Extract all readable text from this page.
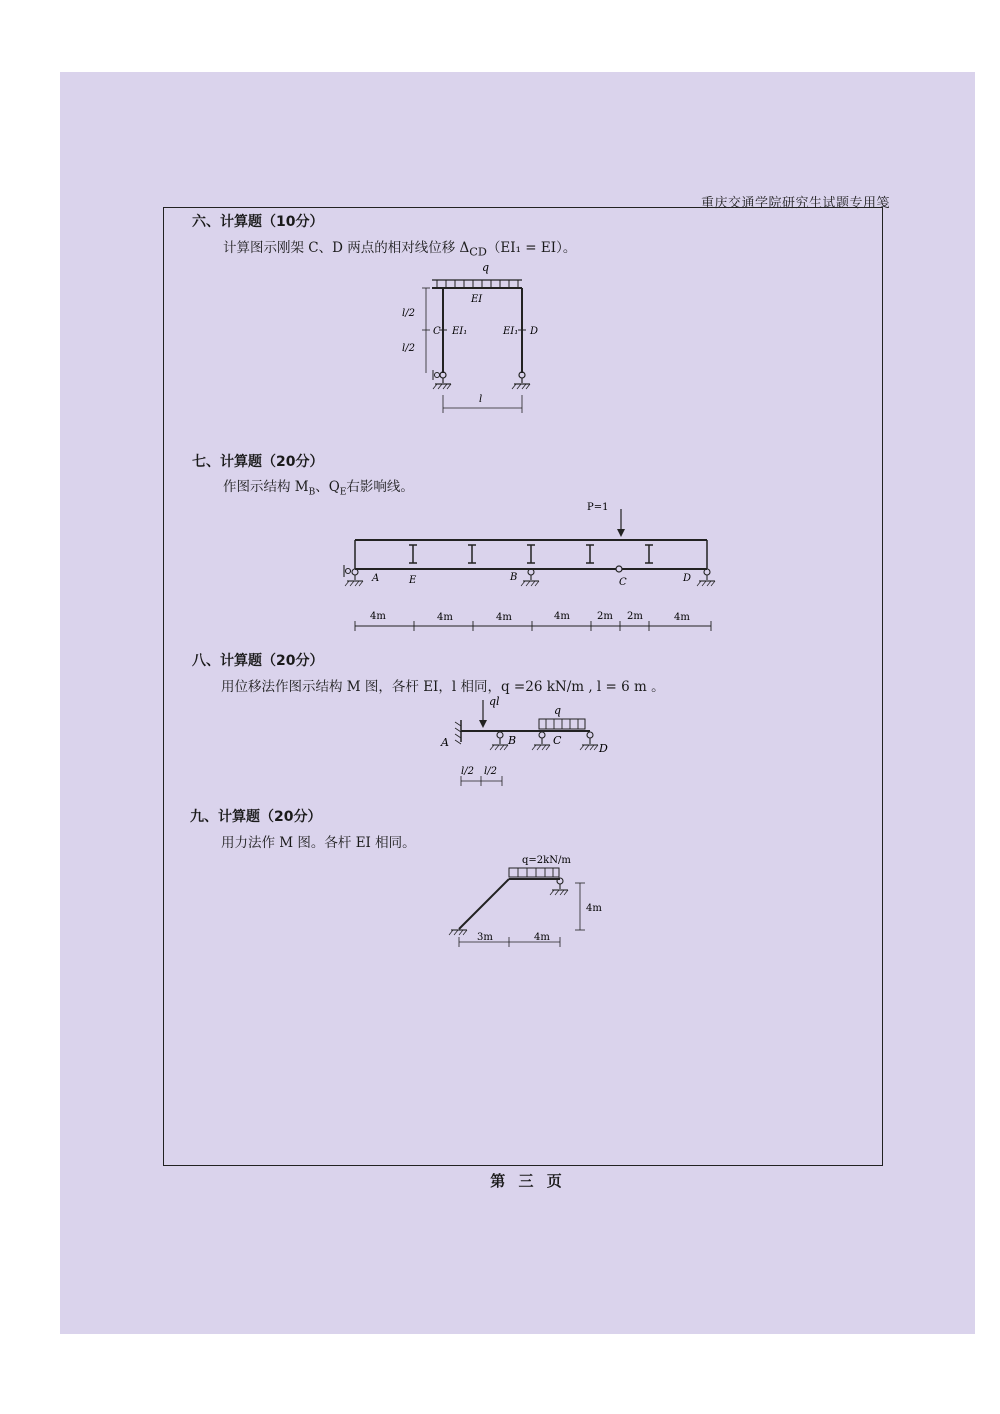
重庆交通学院研究生试题专用笺
六、计算题（10分）
计算图示刚架 C、D 两点的相对线位移 $\Delta_{CD}(EI_1 = EI)$。
q
EI
l/2
l/2
C EI₁	EI₁ D
l
七、计算题（20分）
作图示结构 $M_B$、$Q_E$右影响线。
P=1
A	E	B	C	D
4m	4m	4m	4m	2m 2m	4m
八、计算题（20分）
用位移法作图示结构 M 图，各杆 EI，l 相同，q =26 kN/m , l = 6 m 。
ql
q
A	B	C
D
l/2 l/2
九、计算题（20分）
用力法作 M 图。各杆 EI 相同。
q=2kN/m
4m
3m	4m
第 三 页
